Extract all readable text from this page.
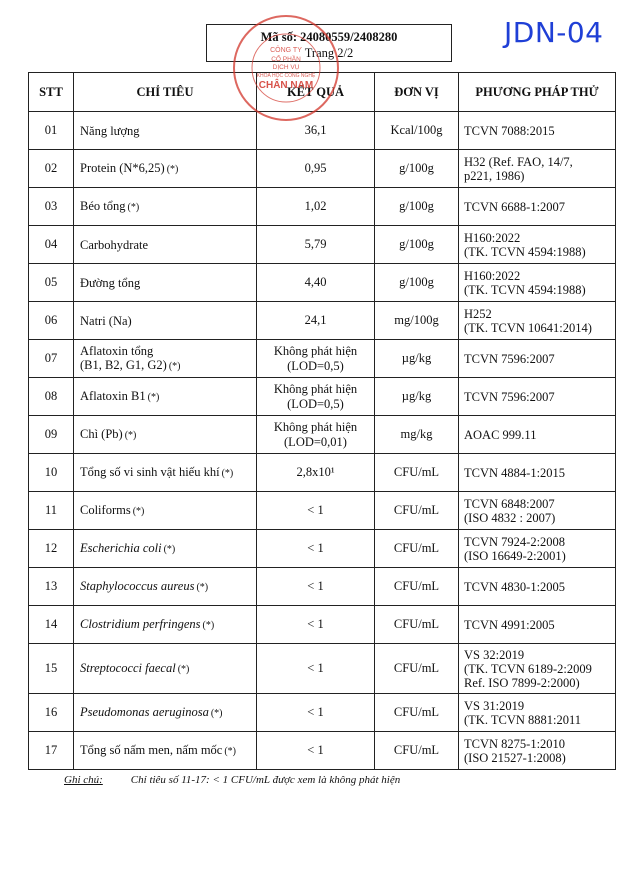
Mã số: 24080559/2408280
Trang 2/2
JDN-04
STT	CHỈ TIÊU	KẾT QUẢ	ĐƠN VỊ	PHƯƠNG PHÁP THỬ
01	Năng lượng	36,1	Kcal/100g	TCVN 7088:2015

02	Protein (N*6,25) (*)	0,95	g/100g	H32 (Ref. FAO, 14/7,
p221, 1986)

03	Béo tổng (*)	1,02	g/100g	TCVN 6688-1:2007

04	Carbohydrate	5,79	g/100g	H160:2022
(TK. TCVN 4594:1988)

05	Đường tổng	4,40	g/100g	H160:2022
(TK. TCVN 4594:1988)

06	Natri (Na)	24,1	mg/100g	H252
(TK. TCVN 10641:2014)

07	Aflatoxin tổng
(B1, B2, G1, G2) (*)	Không phát hiện
(LOD=0,5)	µg/kg	TCVN 7596:2007

08	Aflatoxin B1 (*)	Không phát hiện
(LOD=0,5)	µg/kg	TCVN 7596:2007

09	Chì (Pb) (*)	Không phát hiện
(LOD=0,01)	mg/kg	AOAC 999.11

10	Tổng số vi sinh vật hiếu khí (*)	2,8x10¹	CFU/mL	TCVN 4884-1:2015

11	Coliforms (*)	< 1	CFU/mL	TCVN 6848:2007
(ISO 4832 : 2007)

12	Escherichia coli (*)	< 1	CFU/mL	TCVN 7924-2:2008
(ISO 16649-2:2001)

13	Staphylococcus aureus (*)	< 1	CFU/mL	TCVN 4830-1:2005

14	Clostridium perfringens (*)	< 1	CFU/mL	TCVN 4991:2005

15	Streptococci faecal (*)	< 1	CFU/mL	VS 32:2019
(TK. TCVN 6189-2:2009
Ref. ISO 7899-2:2000)

16	Pseudomonas aeruginosa (*)	< 1	CFU/mL	VS 31:2019
(TK. TCVN 8881:2011

17	Tổng số nấm men, nấm mốc (*)	< 1	CFU/mL	TCVN 8275-1:2010
(ISO 21527-1:2008)
CÔNG TY
CỔ PHẦN
DỊCH VỤ
KHOA HỌC CÔNG NGHỆ
CHÂN NAM
Ghi chú:	Chỉ tiêu số 11-17: < 1 CFU/mL được xem là không phát hiện
